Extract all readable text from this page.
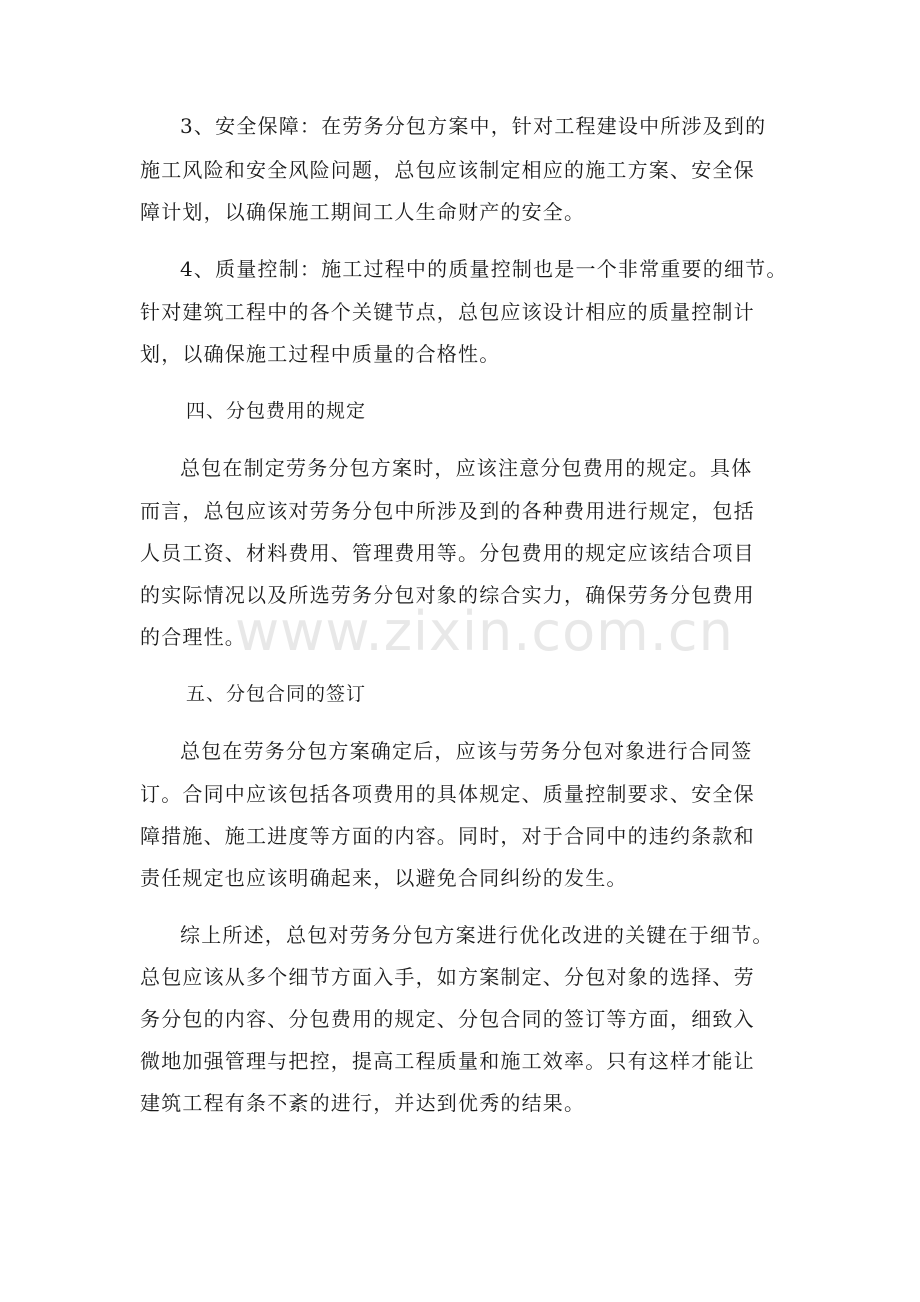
3、安全保障：在劳务分包方案中，针对工程建设中所涉及到的
施工风险和安全风险问题，总包应该制定相应的施工方案、安全保
障计划，以确保施工期间工人生命财产的安全。
4、质量控制：施工过程中的质量控制也是一个非常重要的细节。
针对建筑工程中的各个关键节点，总包应该设计相应的质量控制计
划，以确保施工过程中质量的合格性。
四、分包费用的规定
总包在制定劳务分包方案时，应该注意分包费用的规定。具体
而言，总包应该对劳务分包中所涉及到的各种费用进行规定，包括
人员工资、材料费用、管理费用等。分包费用的规定应该结合项目
的实际情况以及所选劳务分包对象的综合实力，确保劳务分包费用
的合理性。
五、分包合同的签订
总包在劳务分包方案确定后，应该与劳务分包对象进行合同签
订。合同中应该包括各项费用的具体规定、质量控制要求、安全保
障措施、施工进度等方面的内容。同时，对于合同中的违约条款和
责任规定也应该明确起来，以避免合同纠纷的发生。
综上所述，总包对劳务分包方案进行优化改进的关键在于细节。
总包应该从多个细节方面入手，如方案制定、分包对象的选择、劳
务分包的内容、分包费用的规定、分包合同的签订等方面，细致入
微地加强管理与把控，提高工程质量和施工效率。只有这样才能让
建筑工程有条不紊的进行，并达到优秀的结果。
www.zixin.com.cn
